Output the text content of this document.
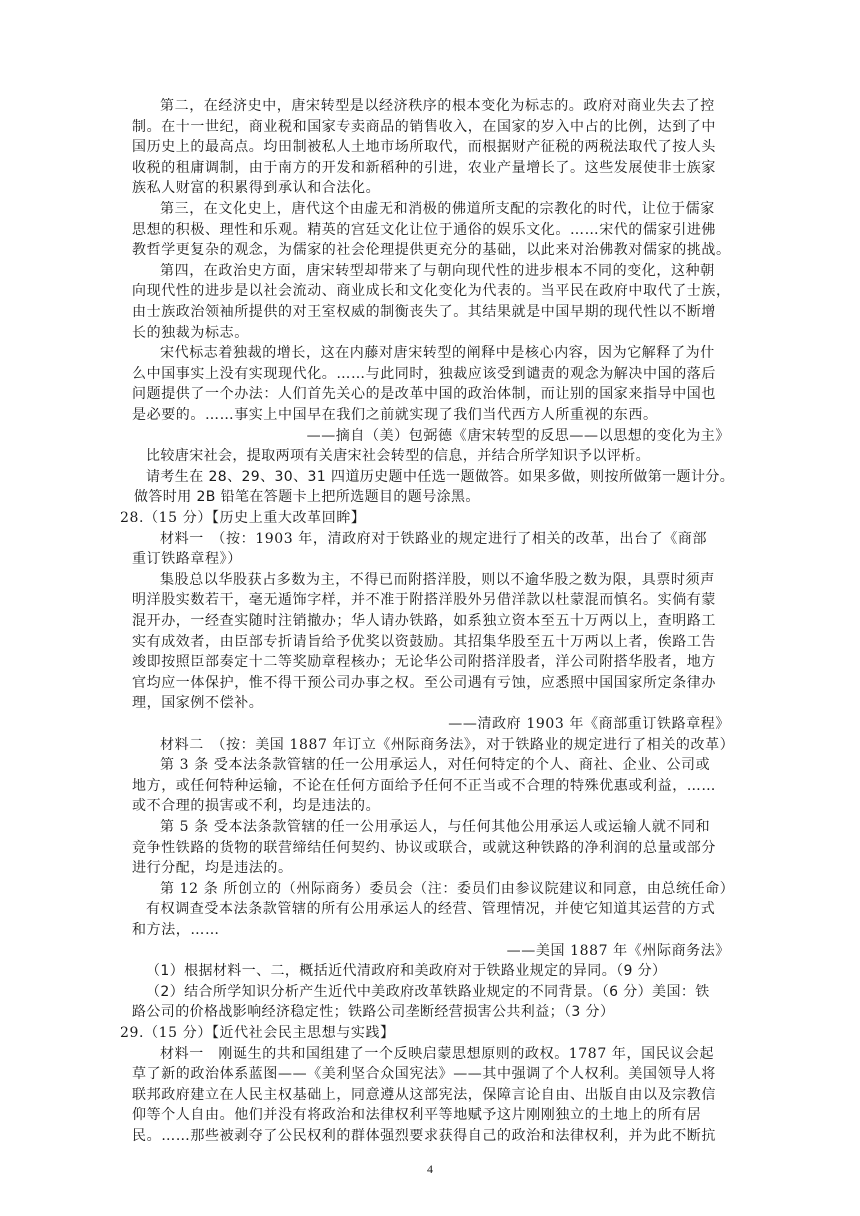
第二，在经济史中，唐宋转型是以经济秩序的根本变化为标志的。政府对商业失去了控
制。在十一世纪，商业税和国家专卖商品的销售收入，在国家的岁入中占的比例，达到了中
国历史上的最高点。均田制被私人土地市场所取代，而根据财产征税的两税法取代了按人头
收税的租庸调制，由于南方的开发和新稻种的引进，农业产量增长了。这些发展使非士族家
族私人财富的积累得到承认和合法化。
第三，在文化史上，唐代这个由虚无和消极的佛道所支配的宗教化的时代，让位于儒家
思想的积极、理性和乐观。精英的宫廷文化让位于通俗的娱乐文化。……宋代的儒家引进佛
教哲学更复杂的观念，为儒家的社会伦理提供更充分的基础，以此来对治佛教对儒家的挑战。
第四，在政治史方面，唐宋转型却带来了与朝向现代性的进步根本不同的变化，这种朝
向现代性的进步是以社会流动、商业成长和文化变化为代表的。当平民在政府中取代了士族，
由士族政治领袖所提供的对王室权威的制衡丧失了。其结果就是中国早期的现代性以不断增
长的独裁为标志。
宋代标志着独裁的增长，这在内藤对唐宋转型的阐释中是核心内容，因为它解释了为什
么中国事实上没有实现现代化。……与此同时，独裁应该受到谴责的观念为解决中国的落后
问题提供了一个办法：人们首先关心的是改革中国的政治体制，而让别的国家来指导中国也
是必要的。……事实上中国早在我们之前就实现了我们当代西方人所重视的东西。
——摘自（美）包弼德《唐宋转型的反思——以思想的变化为主》
比较唐宋社会，提取两项有关唐宋社会转型的信息，并结合所学知识予以评析。
请考生在 28、29、30、31 四道历史题中任选一题做答。如果多做，则按所做第一题计分。
做答时用 2B 铅笔在答题卡上把所选题目的题号涂黑。
28.（15 分）【历史上重大改革回眸】
材料一　（按：1903 年，清政府对于铁路业的规定进行了相关的改革，出台了《商部
重订铁路章程》）
集股总以华股获占多数为主，不得已而附搭洋股，则以不逾华股之数为限，具票时须声
明洋股实数若干，毫无遁饰字样，并不准于附搭洋股外另借洋款以杜蒙混而慎名。实倘有蒙
混开办，一经查实随时注销撤办；华人请办铁路，如系独立资本至五十万两以上，查明路工
实有成效者，由臣部专折请旨给予优奖以资鼓励。其招集华股至五十万两以上者，俟路工告
竣即按照臣部奏定十二等奖励章程核办；无论华公司附搭洋股者，洋公司附搭华股者，地方
官均应一体保护，惟不得干预公司办事之权。至公司遇有亏蚀，应悉照中国国家所定条律办
理，国家例不偿补。
——清政府 1903 年《商部重订铁路章程》
材料二　（按：美国 1887 年订立《州际商务法》，对于铁路业的规定进行了相关的改革）
第 3 条 受本法条款管辖的任一公用承运人，对任何特定的个人、商社、企业、公司或
地方，或任何特种运输，不论在任何方面给予任何不正当或不合理的特殊优惠或利益，……
或不合理的损害或不利，均是违法的。
第 5 条 受本法条款管辖的任一公用承运人，与任何其他公用承运人或运输人就不同和
竞争性铁路的货物的联营缔结任何契约、协议或联合，或就这种铁路的净利润的总量或部分
进行分配，均是违法的。
第 12 条 所创立的（州际商务）委员会（注：委员们由参议院建议和同意，由总统任命）
有权调查受本法条款管辖的所有公用承运人的经营、管理情况，并使它知道其运营的方式
和方法，……
——美国 1887 年《州际商务法》
（1）根据材料一、二，概括近代清政府和美政府对于铁路业规定的异同。（9 分）
（2）结合所学知识分析产生近代中美政府改革铁路业规定的不同背景。（6 分）美国：铁
路公司的价格战影响经济稳定性；铁路公司垄断经营损害公共利益；（3 分）
29.（15 分）【近代社会民主思想与实践】
材料一　刚诞生的共和国组建了一个反映启蒙思想原则的政权。1787 年，国民议会起
草了新的政治体系蓝图——《美利坚合众国宪法》——其中强调了个人权利。美国领导人将
联邦政府建立在人民主权基础上，同意遵从这部宪法，保障言论自由、出版自由以及宗教信
仰等个人自由。他们并没有将政治和法律权利平等地赋予这片刚刚独立的土地上的所有居
民。……那些被剥夺了公民权利的群体强烈要求获得自己的政治和法律权利，并为此不断抗
4
